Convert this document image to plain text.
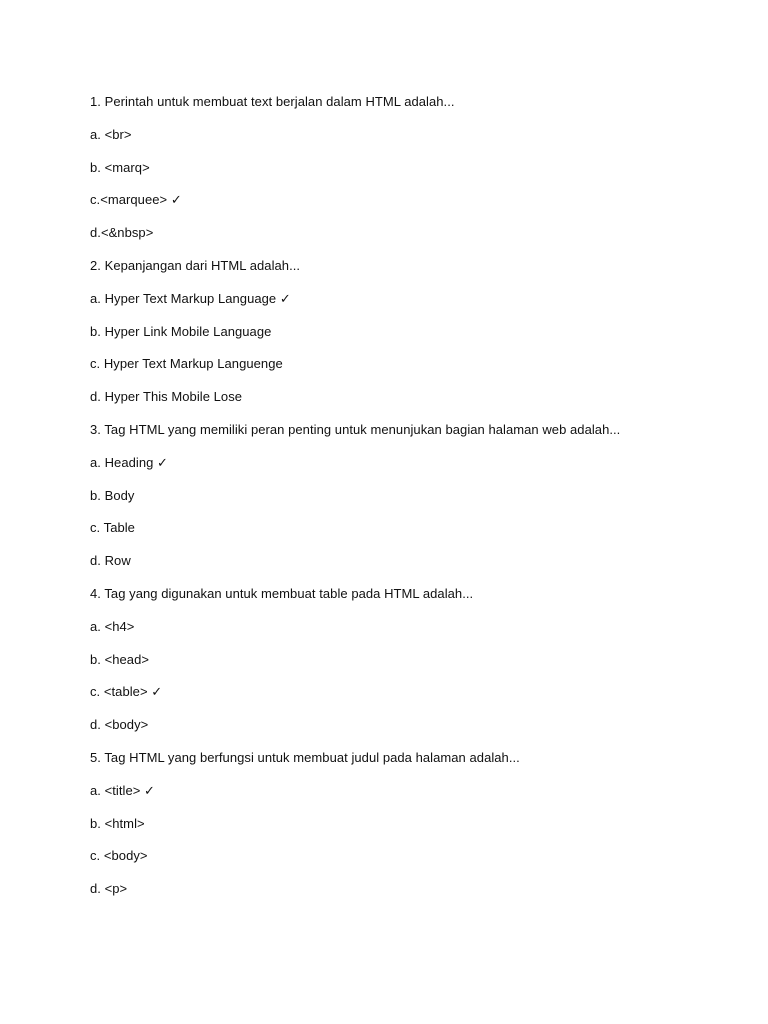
1. Perintah untuk membuat text berjalan dalam HTML adalah...
a. <br>
b. <marq>
c.<marquee> ✓
d.<&nbsp>
2. Kepanjangan dari HTML adalah...
a. Hyper Text Markup Language ✓
b. Hyper Link Mobile Language
c. Hyper Text Markup Languenge
d. Hyper This Mobile Lose
3. Tag HTML yang memiliki peran penting untuk menunjukan bagian halaman web adalah...
a. Heading ✓
b. Body
c. Table
d. Row
4. Tag yang digunakan untuk membuat table pada HTML adalah...
a. <h4>
b. <head>
c. <table> ✓
d. <body>
5. Tag HTML yang berfungsi untuk membuat judul pada halaman adalah...
a. <title> ✓
b. <html>
c. <body>
d. <p>
